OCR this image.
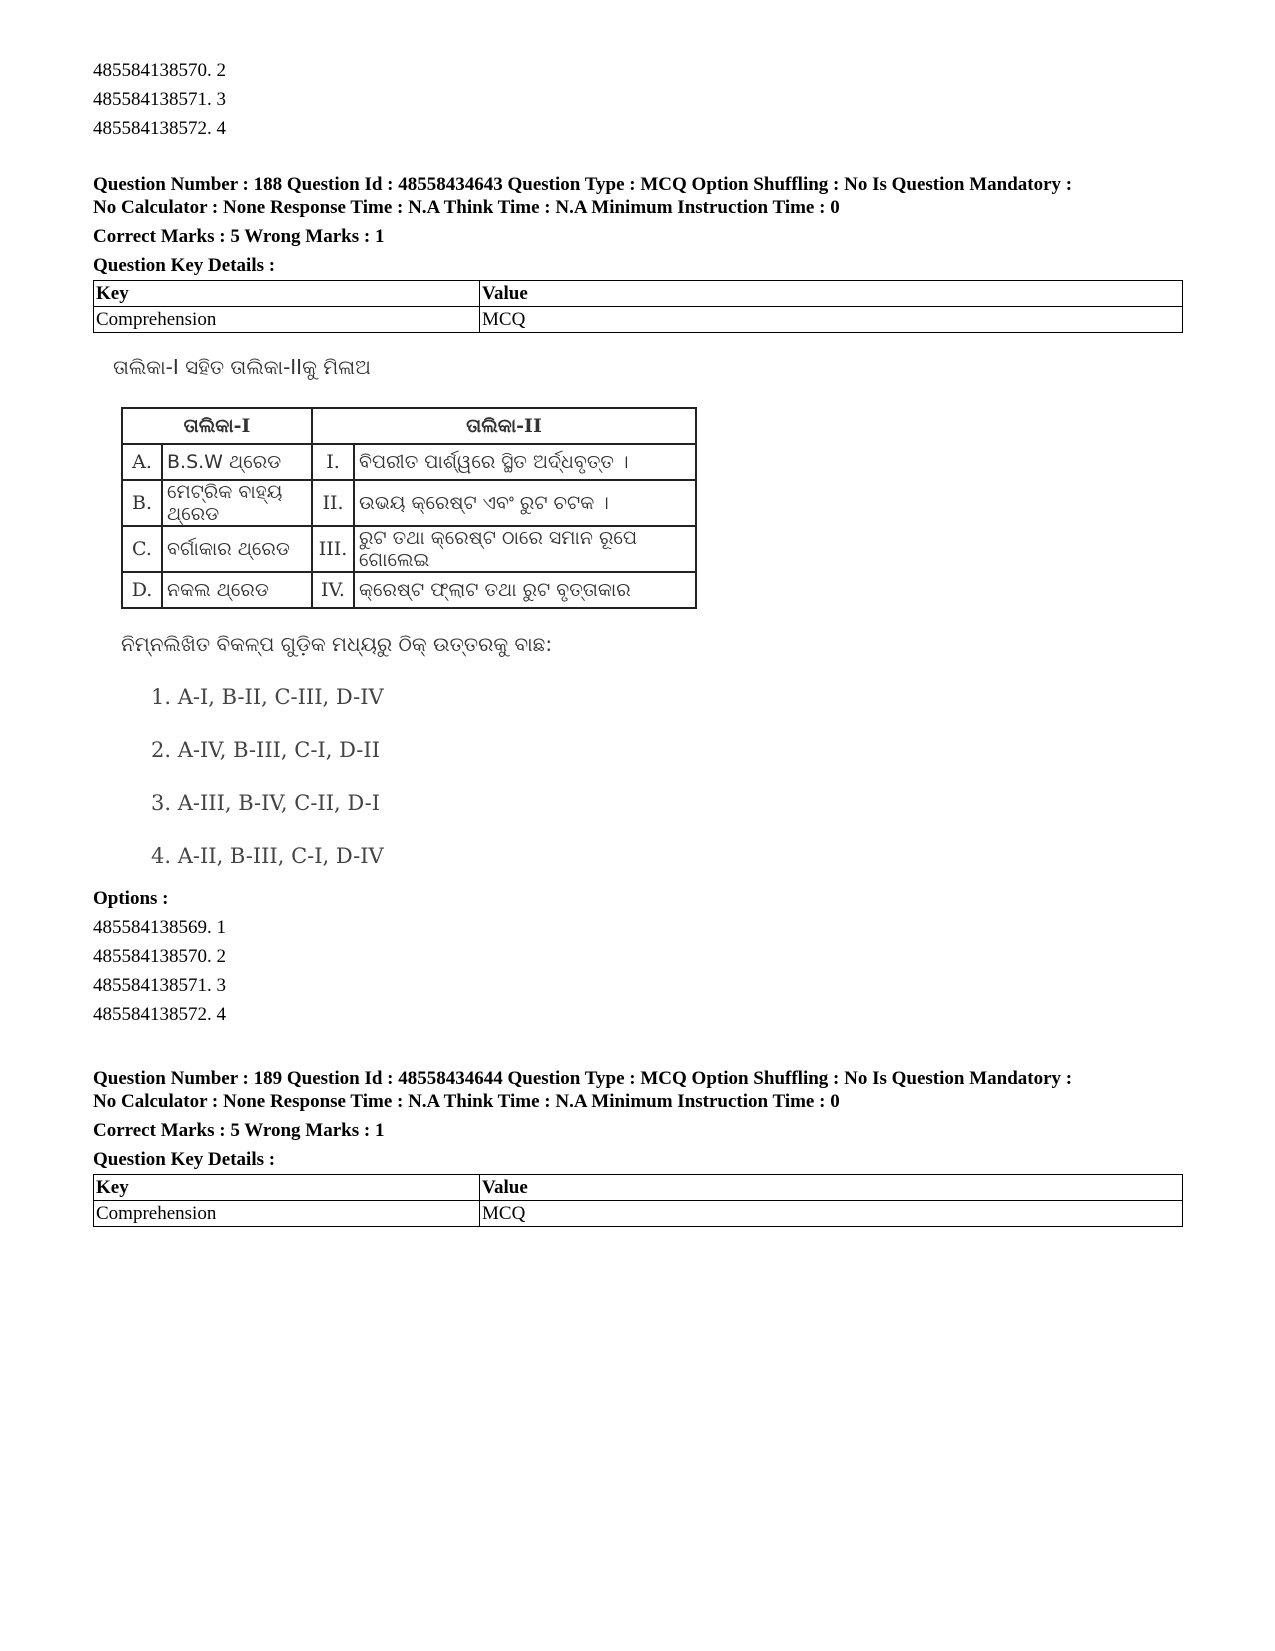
485584138570. 2
485584138571. 3
485584138572. 4
Question Number : 188 Question Id : 48558434643 Question Type : MCQ Option Shuffling : No Is Question Mandatory :
No Calculator : None Response Time : N.A Think Time : N.A Minimum Instruction Time : 0
Correct Marks : 5 Wrong Marks : 1
Question Key Details :
Key	Value
Comprehension	MCQ
ତାଲିକା-I ସହିତ ତାଲିକା-IIକୁ ମିଳାଅ
ତାଲିକା-I		ତାଲିକା-II	
A.	B.S.W ଥ୍ରେଡ	I.	ବିପରୀତ ପାର୍ଶ୍ୱରେ ସ୍ଥିତ ଅର୍ଦ୍ଧବୃତ୍ତ ।
B.	ମେଟ୍ରିକ ବାହ୍ୟ ଥ୍ରେଡ	II.	ଉଭୟ କ୍ରେଷ୍ଟ ଏବଂ ରୁଟ ଚଟକ ।
C.	ବର୍ଗାକାର ଥ୍ରେଡ	III.	ରୁଟ ତଥା କ୍ରେଷ୍ଟ ଠାରେ ସମାନ ରୂପେ ଗୋଲେଇ
D.	ନକଲ ଥ୍ରେଡ	IV.	କ୍ରେଷ୍ଟ ଫ୍ଲାଟ ତଥା ରୁଟ ବୃତ୍ତାକାର
ନିମ୍ନଲିଖିତ ବିକଳ୍ପ ଗୁଡ଼ିକ ମଧ୍ୟରୁ ଠିକ୍ ଉତ୍ତରକୁ ବାଛ:
1. A-I, B-II, C-III, D-IV
2. A-IV, B-III, C-I, D-II
3. A-III, B-IV, C-II, D-I
4. A-II, B-III, C-I, D-IV
Options :
485584138569. 1
485584138570. 2
485584138571. 3
485584138572. 4
Question Number : 189 Question Id : 48558434644 Question Type : MCQ Option Shuffling : No Is Question Mandatory :
No Calculator : None Response Time : N.A Think Time : N.A Minimum Instruction Time : 0
Correct Marks : 5 Wrong Marks : 1
Question Key Details :
Key	Value
Comprehension	MCQ
